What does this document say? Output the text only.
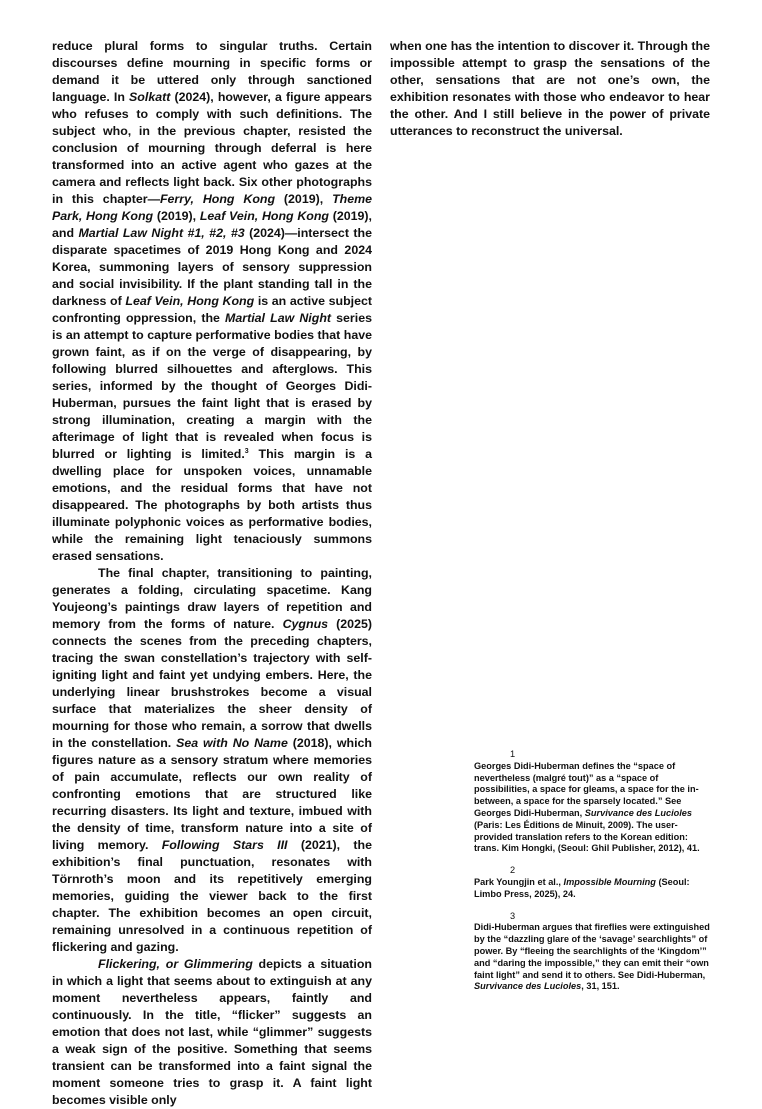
reduce plural forms to singular truths. Certain discourses define mourning in specific forms or demand it be uttered only through sanctioned language. In Solkatt (2024), however, a figure appears who refuses to comply with such definitions. The subject who, in the previous chapter, resisted the conclusion of mourning through deferral is here transformed into an active agent who gazes at the camera and reflects light back. Six other photographs in this chapter—Ferry, Hong Kong (2019), Theme Park, Hong Kong (2019), Leaf Vein, Hong Kong (2019), and Martial Law Night #1, #2, #3 (2024)—intersect the disparate spacetimes of 2019 Hong Kong and 2024 Korea, summoning layers of sensory suppression and social invisibility. If the plant standing tall in the darkness of Leaf Vein, Hong Kong is an active subject confronting oppression, the Martial Law Night series is an attempt to capture performative bodies that have grown faint, as if on the verge of disappearing, by following blurred silhouettes and afterglows. This series, informed by the thought of Georges Didi-Huberman, pursues the faint light that is erased by strong illumination, creating a margin with the afterimage of light that is revealed when focus is blurred or lighting is limited.$^3$ This margin is a dwelling place for unspoken voices, unnamable emotions, and the residual forms that have not disappeared. The photographs by both artists thus illuminate polyphonic voices as performative bodies, while the remaining light tenaciously summons erased sensations.

The final chapter, transitioning to painting, generates a folding, circulating spacetime. Kang Youjeong’s paintings draw layers of repetition and memory from the forms of nature. Cygnus (2025) connects the scenes from the preceding chapters, tracing the swan constellation’s trajectory with self-igniting light and faint yet undying embers. Here, the underlying linear brushstrokes become a visual surface that materializes the sheer density of mourning for those who remain, a sorrow that dwells in the constellation. Sea with No Name (2018), which figures nature as a sensory stratum where memories of pain accumulate, reflects our own reality of confronting emotions that are structured like recurring disasters. Its light and texture, imbued with the density of time, transform nature into a site of living memory. Following Stars III (2021), the exhibition’s final punctuation, resonates with Törnroth’s moon and its repetitively emerging memories, guiding the viewer back to the first chapter. The exhibition becomes an open circuit, remaining unresolved in a continuous repetition of flickering and gazing.

Flickering, or Glimmering depicts a situation in which a light that seems about to extinguish at any moment nevertheless appears, faintly and continuously. In the title, “flicker” suggests an emotion that does not last, while “glimmer” suggests a weak sign of the positive. Something that seems transient can be transformed into a faint signal the moment someone tries to grasp it. A faint light becomes visible only

when one has the intention to discover it. Through the impossible attempt to grasp the sensations of the other, sensations that are not one’s own, the exhibition resonates with those who endeavor to hear the other. And I still believe in the power of private utterances to reconstruct the universal.

1
Georges Didi-Huberman defines the “space of nevertheless (malgré tout)” as a “space of possibilities, a space for gleams, a space for the in-between, a space for the sparsely located.” See Georges Didi-Huberman, Survivance des Lucioles (Paris: Les Éditions de Minuit, 2009). The user-provided translation refers to the Korean edition: trans. Kim Hongki, (Seoul: Ghil Publisher, 2012), 41.
2
Park Youngjin et al., Impossible Mourning (Seoul: Limbo Press, 2025), 24.
3
Didi-Huberman argues that fireflies were extinguished by the “dazzling glare of the ‘savage’ searchlights” of power. By “fleeing the searchlights of the ‘Kingdom’” and “daring the impossible,” they can emit their “own faint light” and send it to others. See Didi-Huberman, Survivance des Lucioles, 31, 151.
